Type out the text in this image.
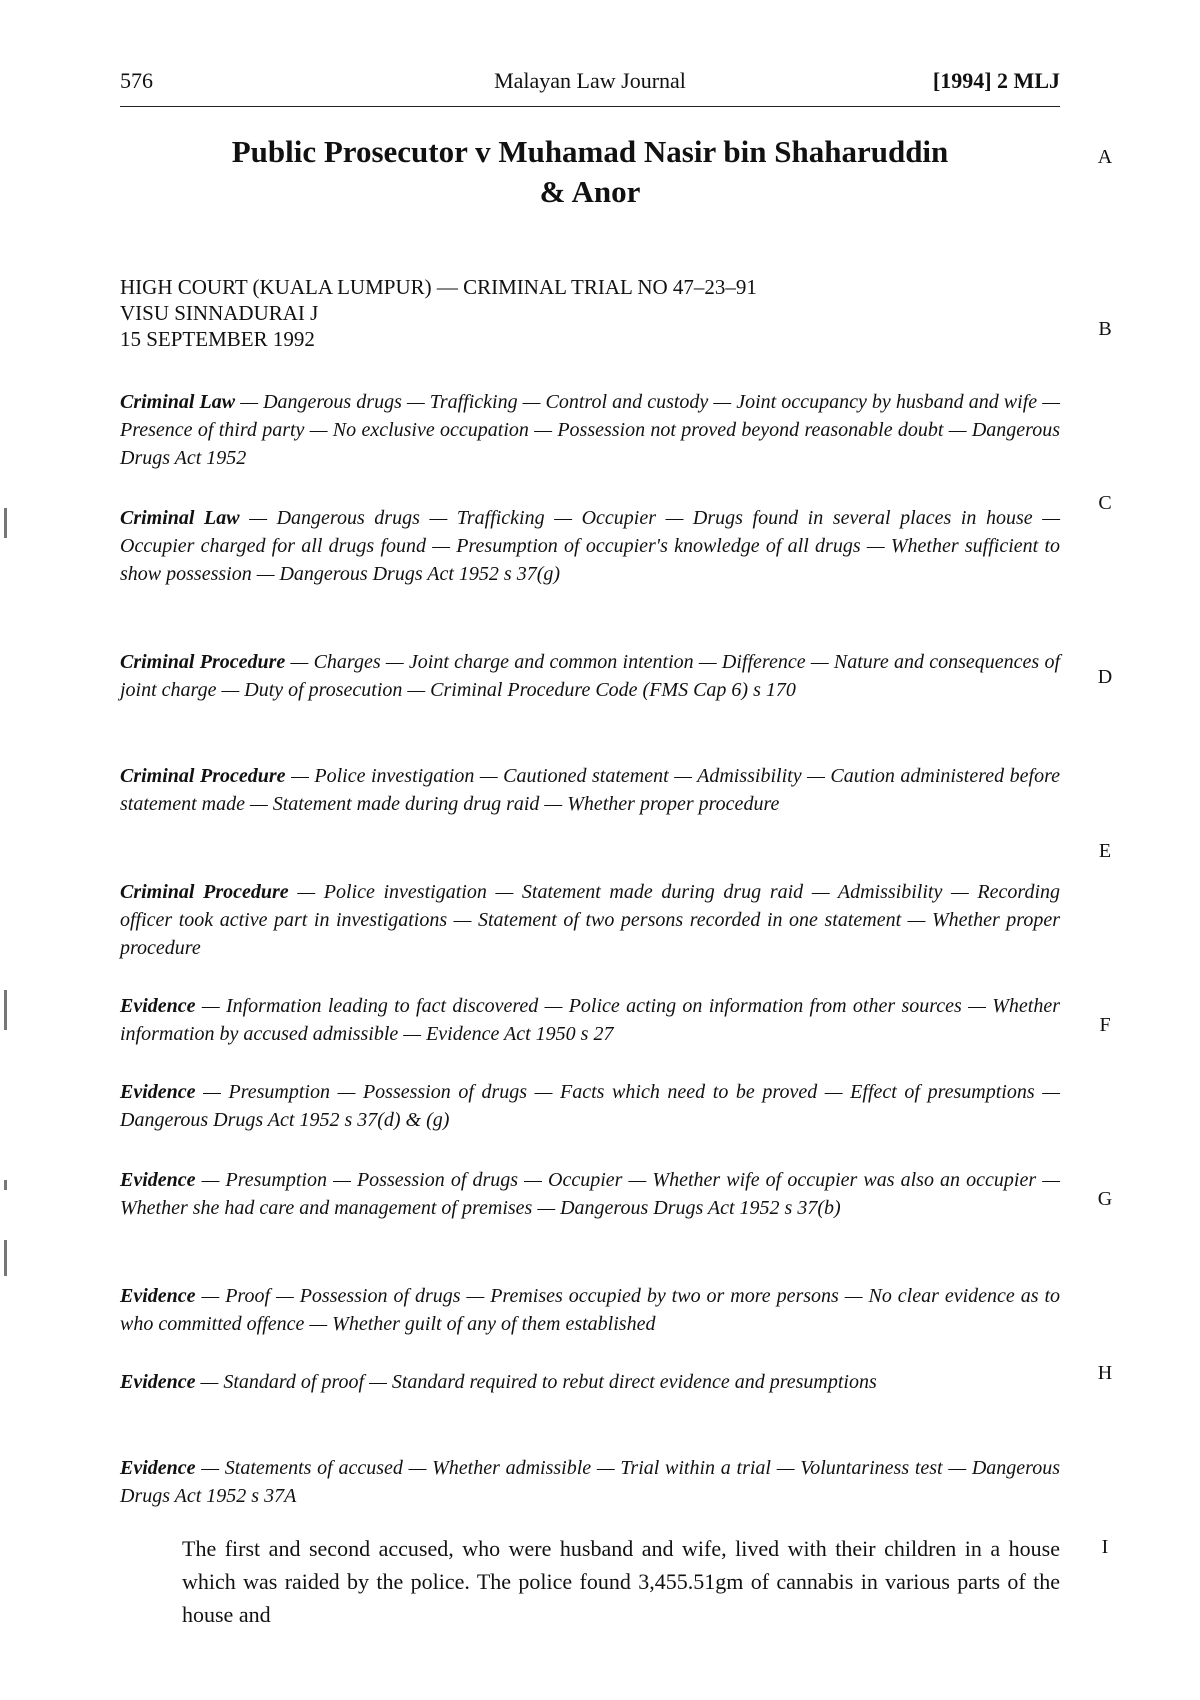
576	Malayan Law Journal	[1994] 2 MLJ
Public Prosecutor v Muhamad Nasir bin Shaharuddin
& Anor
HIGH COURT (KUALA LUMPUR) — CRIMINAL TRIAL NO 47–23–91
VISU SINNADURAI J
15 SEPTEMBER 1992
A
B
C
D
E
F
G
H
I
Criminal Law — Dangerous drugs — Trafficking — Control and custody — Joint occupancy by husband and wife — Presence of third party — No exclusive occupation — Possession not proved beyond reasonable doubt — Dangerous Drugs Act 1952
Criminal Law — Dangerous drugs — Trafficking — Occupier — Drugs found in several places in house — Occupier charged for all drugs found — Presumption of occupier's knowledge of all drugs — Whether sufficient to show possession — Dangerous Drugs Act 1952 s 37(g)
Criminal Procedure — Charges — Joint charge and common intention — Difference — Nature and consequences of joint charge — Duty of prosecution — Criminal Procedure Code (FMS Cap 6) s 170
Criminal Procedure — Police investigation — Cautioned statement — Admissibility — Caution administered before statement made — Statement made during drug raid — Whether proper procedure
Criminal Procedure — Police investigation — Statement made during drug raid — Admissibility — Recording officer took active part in investigations — Statement of two persons recorded in one statement — Whether proper procedure
Evidence — Information leading to fact discovered — Police acting on information from other sources — Whether information by accused admissible — Evidence Act 1950 s 27
Evidence — Presumption — Possession of drugs — Facts which need to be proved — Effect of presumptions — Dangerous Drugs Act 1952 s 37(d) & (g)
Evidence — Presumption — Possession of drugs — Occupier — Whether wife of occupier was also an occupier — Whether she had care and management of premises — Dangerous Drugs Act 1952 s 37(b)
Evidence — Proof — Possession of drugs — Premises occupied by two or more persons — No clear evidence as to who committed offence — Whether guilt of any of them established
Evidence — Standard of proof — Standard required to rebut direct evidence and presumptions
Evidence — Statements of accused — Whether admissible — Trial within a trial — Voluntariness test — Dangerous Drugs Act 1952 s 37A
The first and second accused, who were husband and wife, lived with their children in a house which was raided by the police. The police found 3,455.51gm of cannabis in various parts of the house and
